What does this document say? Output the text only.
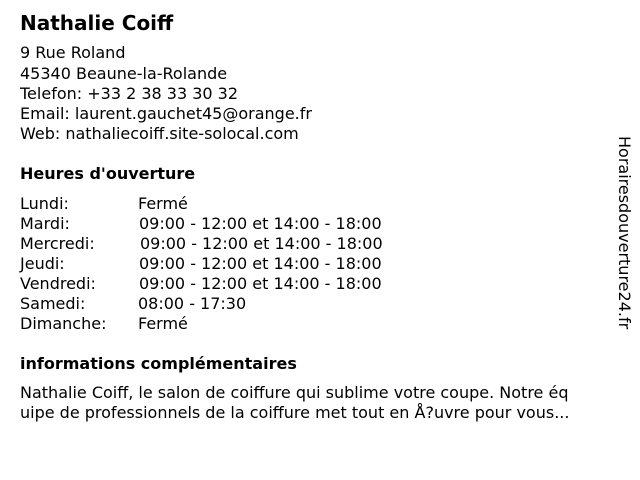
Nathalie Coiff
9 Rue Roland
45340 Beaune-la-Rolande
Telefon: +33 2 38 33 30 32
Email: laurent.gauchet45@orange.fr
Web: nathaliecoiff.site-solocal.com
Heures d'ouverture
Lundi:	Fermé
Mardi:	09:00 - 12:00 et 14:00 - 18:00
Mercredi:	09:00 - 12:00 et 14:00 - 18:00
Jeudi:	09:00 - 12:00 et 14:00 - 18:00
Vendredi:	09:00 - 12:00 et 14:00 - 18:00
Samedi:	08:00 - 17:30
Dimanche: Fermé
informations complémentaires
Nathalie Coiff, le salon de coiffure qui sublime votre coupe. Notre éq
uipe de professionnels de la coiffure met tout en Å?uvre pour vous...
Horairesdouverture24.fr
